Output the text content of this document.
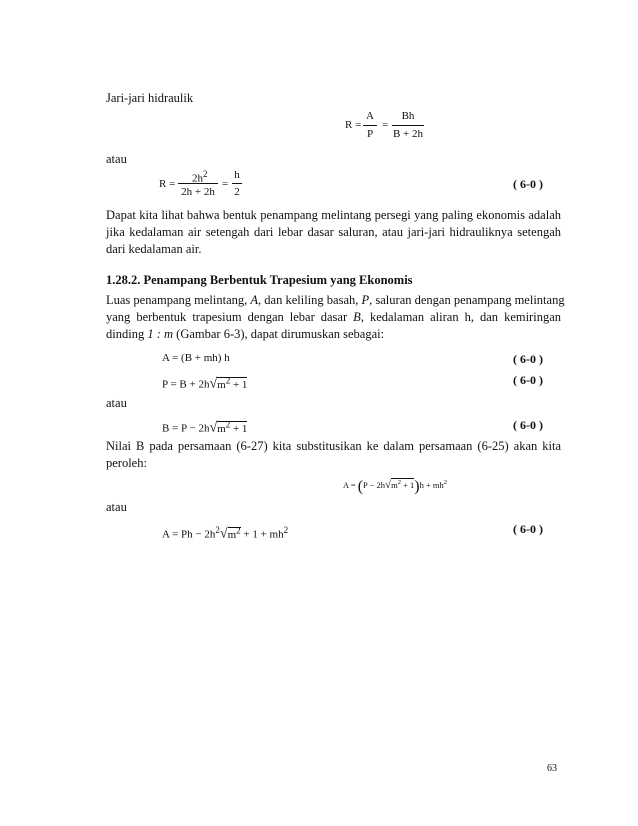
Jari-jari hidraulik
R =
A
P
=
Bh
B + 2h
atau
$R = 2h^2$
2h + 2h
=
h
2
( 6-0 )
Dapat kita lihat bahwa bentuk penampang melintang persegi yang paling ekonomis adalah
jika kedalaman air setengah dari lebar dasar saluran, atau jari-jari hidrauliknya setengah
dari kedalaman air.
1.28.2. Penampang Berbentuk Trapesium yang Ekonomis
Luas penampang melintang, A, dan keliling basah, P, saluran dengan penampang melintang
yang berbentuk trapesium dengan lebar dasar B, kedalaman aliran h, dan kemiringan
dinding 1 : m (Gambar 6-3), dapat dirumuskan sebagai:
A = (B + mh) h	( 6-0 )
$P = B + 2h√m^2 + 1$	( 6-0 )
atau
$B = P - 2h√m^2 + 1$	( 6-0 )
Nilai B pada persamaan (6-27) kita substitusikan ke dalam persamaan (6-25) akan kita
peroleh:
$A = (P - 2h√m^2 + 1)h + mh^2$
atau
$A = Ph - 2h^2√m^2 + 1 + mh^2$	( 6-0 )
63
